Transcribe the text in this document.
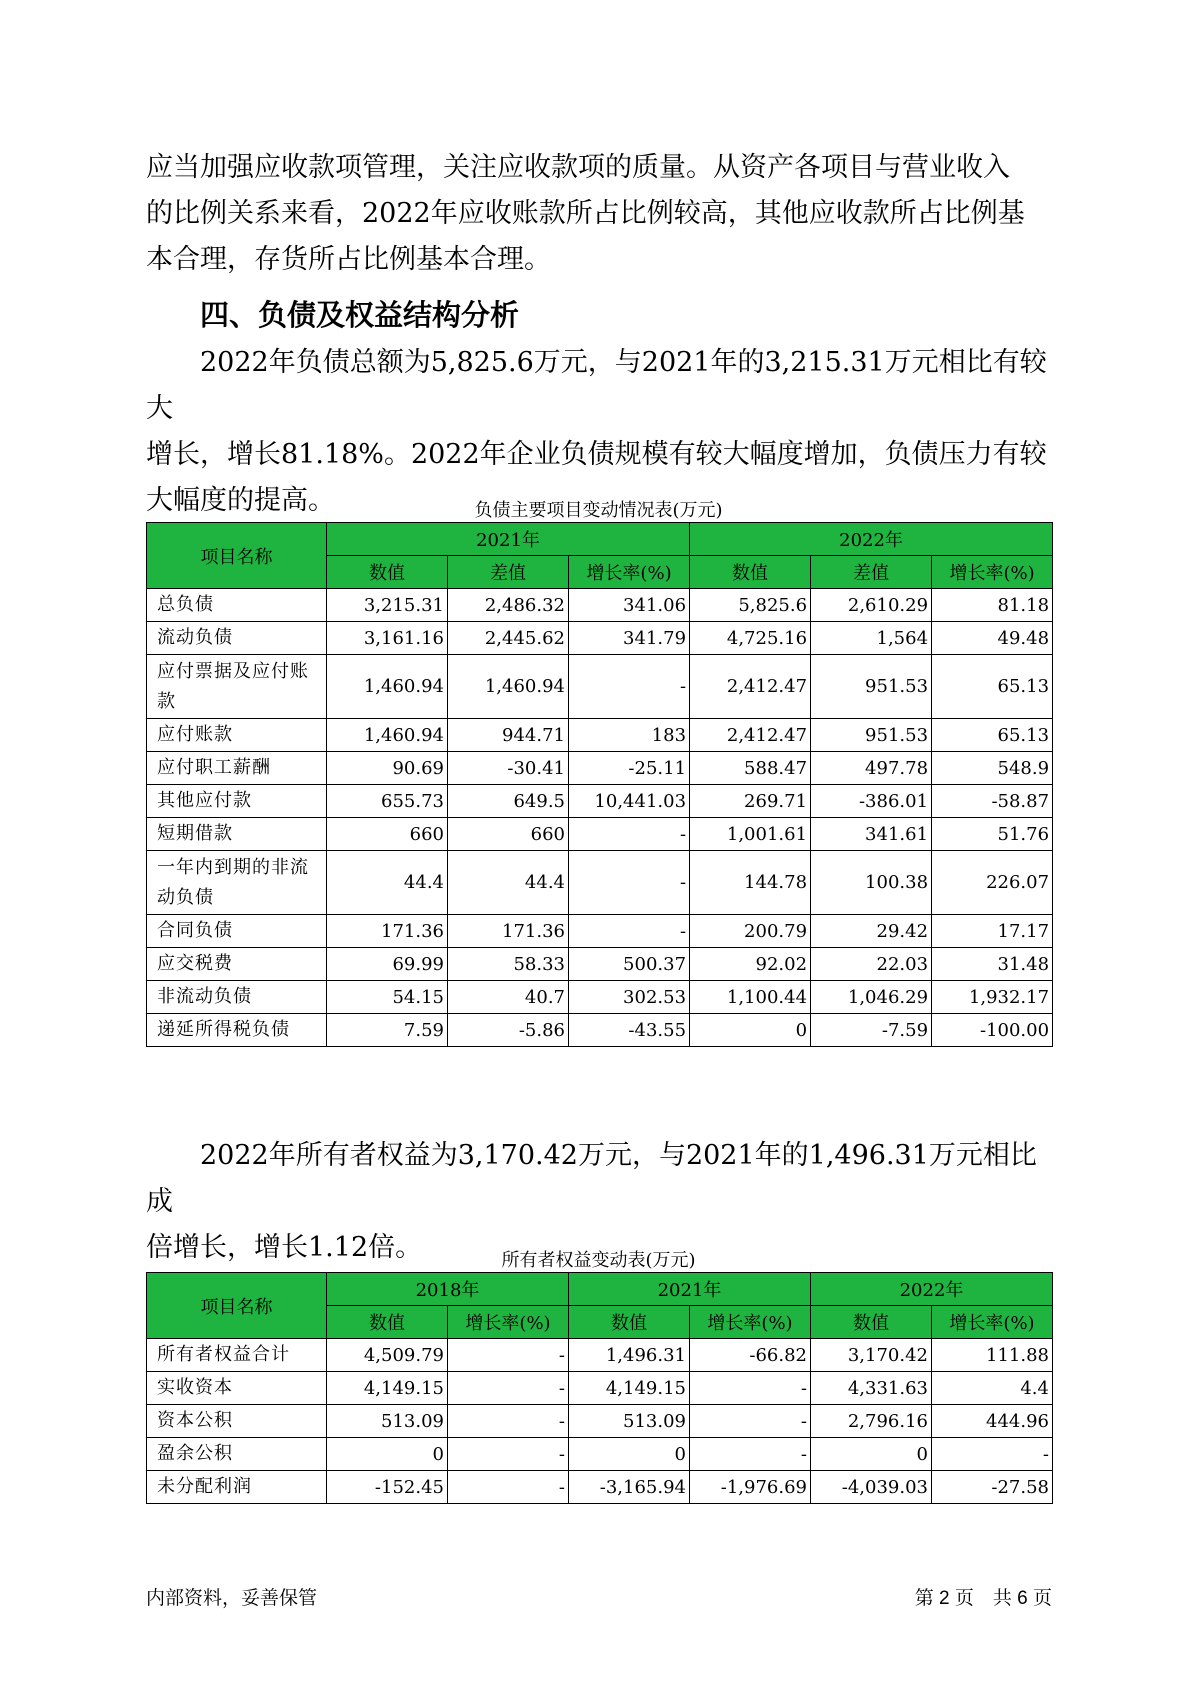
应当加强应收款项管理，关注应收款项的质量。从资产各项目与营业收入
的比例关系来看，2022年应收账款所占比例较高，其他应收款所占比例基
本合理，存货所占比例基本合理。
四、负债及权益结构分析
　　2022年负债总额为5,825.6万元，与2021年的3,215.31万元相比有较大
增长，增长81.18%。2022年企业负债规模有较大幅度增加，负债压力有较
大幅度的提高。	负债主要项目变动情况表(万元)
项目名称	2021年			2022年		
	数值	差值	增长率(%)	数值	差值	增长率(%)
总负债	3,215.31	2,486.32	341.06	5,825.6	2,610.29	81.18
流动负债	3,161.16	2,445.62	341.79	4,725.16	1,564	49.48
应付票据及应付账款	1,460.94	1,460.94	-	2,412.47	951.53	65.13
应付账款	1,460.94	944.71	183	2,412.47	951.53	65.13
应付职工薪酬	90.69	-30.41	-25.11	588.47	497.78	548.9
其他应付款	655.73	649.5	10,441.03	269.71	-386.01	-58.87
短期借款	660	660	-	1,001.61	341.61	51.76
一年内到期的非流动负债	44.4	44.4	-	144.78	100.38	226.07
合同负债	171.36	171.36	-	200.79	29.42	17.17
应交税费	69.99	58.33	500.37	92.02	22.03	31.48
非流动负债	54.15	40.7	302.53	1,100.44	1,046.29	1,932.17
递延所得税负债	7.59	-5.86	-43.55	0	-7.59	-100.00
　　2022年所有者权益为3,170.42万元，与2021年的1,496.31万元相比成
倍增长，增长1.12倍。	所有者权益变动表(万元)
项目名称	2018年		2021年		2022年	
	数值	增长率(%)	数值	增长率(%)	数值	增长率(%)
所有者权益合计	4,509.79	-	1,496.31	-66.82	3,170.42	111.88
实收资本	4,149.15	-	4,149.15	-	4,331.63	4.4
资本公积	513.09	-	513.09	-	2,796.16	444.96
盈余公积	0	-	0	-	0	-
未分配利润	-152.45	-	-3,165.94	-1,976.69	-4,039.03	-27.58
内部资料，妥善保管	第 2 页　共 6 页
